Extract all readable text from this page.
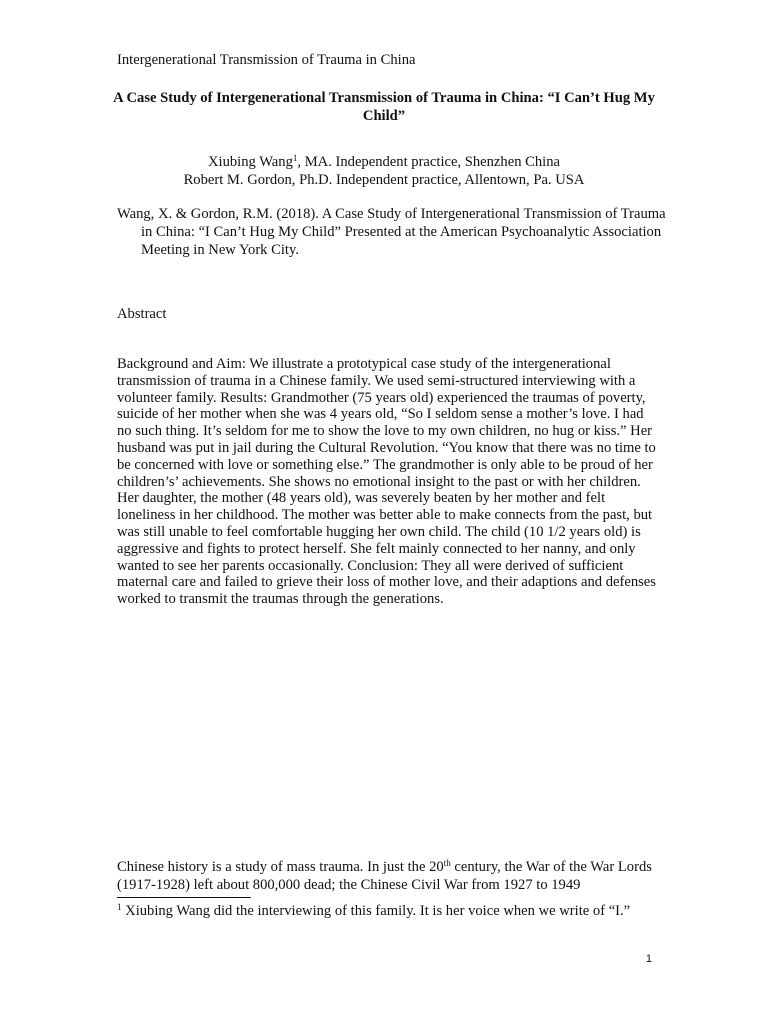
Intergenerational Transmission of Trauma in China
A Case Study of Intergenerational Transmission of Trauma in China: “I Can’t Hug My Child”
Xiubing Wang$^1$, MA. Independent practice, Shenzhen China
Robert M. Gordon, Ph.D. Independent practice, Allentown, Pa. USA
Wang, X. & Gordon, R.M. (2018). A Case Study of Intergenerational Transmission of Trauma in China: “I Can’t Hug My Child” Presented at the American Psychoanalytic Association Meeting in New York City.
Abstract
Background and Aim: We illustrate a prototypical case study of the intergenerational transmission of trauma in a Chinese family. We used semi-structured interviewing with a volunteer family. Results: Grandmother (75 years old) experienced the traumas of poverty, suicide of her mother when she was 4 years old, “So I seldom sense a mother’s love. I had no such thing. It’s seldom for me to show the love to my own children, no hug or kiss.” Her husband was put in jail during the Cultural Revolution. “You know that there was no time to be concerned with love or something else.” The grandmother is only able to be proud of her children’s’ achievements. She shows no emotional insight to the past or with her children. Her daughter, the mother (48 years old), was severely beaten by her mother and felt loneliness in her childhood. The mother was better able to make connects from the past, but was still unable to feel comfortable hugging her own child. The child (10 1/2 years old) is aggressive and fights to protect herself. She felt mainly connected to her nanny, and only wanted to see her parents occasionally. Conclusion: They all were derived of sufficient maternal care and failed to grieve their loss of mother love, and their adaptions and defenses worked to transmit the traumas through the generations.
Chinese history is a study of mass trauma. In just the 20th century, the War of the War Lords (1917-1928) left about 800,000 dead; the Chinese Civil War from 1927 to 1949
$^1$ Xiubing Wang did the interviewing of this family. It is her voice when we write of “I.”
1
